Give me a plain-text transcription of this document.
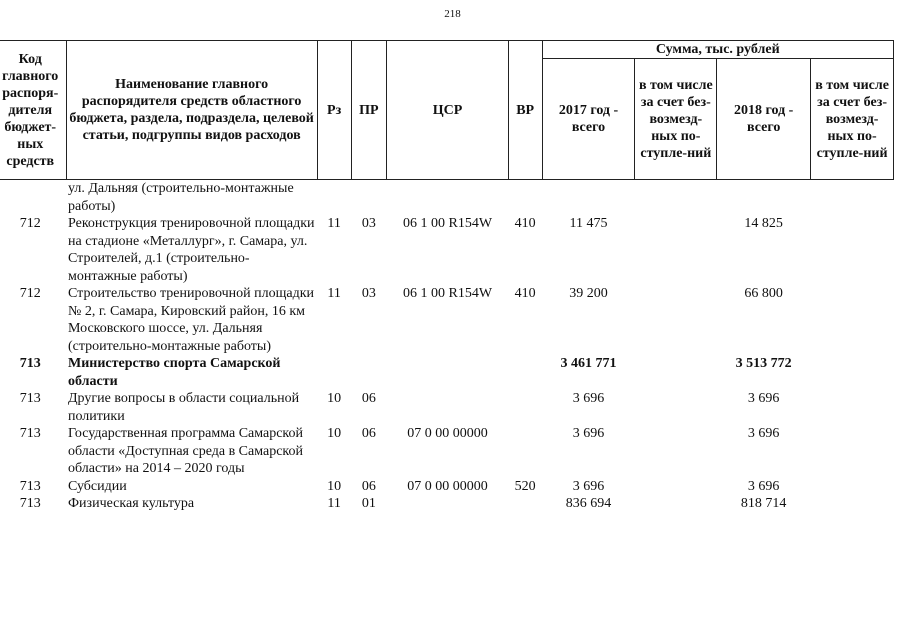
218
Код главного распоря-дителя бюджет-ных средств	Наименование главного распорядителя средств областного бюджета, раздела, подраздела, целевой статьи, подгруппы видов расходов	Рз	ПР	ЦСР	ВР	Сумма, тыс. рублей			
						2017 год - всего	в том числе за счет без-возмезд-ных по-ступле-ний	2018 год - всего	в том числе за счет без-возмезд-ных по-ступле-ний
	ул. Дальняя (строительно-монтажные работы)								
712	Реконструкция тренировочной площадки на стадионе «Металлург», г. Самара, ул. Строителей, д.1 (строительно-монтажные работы)	11	03	06 1 00 R154W	410	11 475		14 825	
712	Строительство тренировочной площадки № 2, г. Самара, Кировский район, 16 км Московского шоссе, ул. Дальняя (строительно-монтажные работы)	11	03	06 1 00 R154W	410	39 200		66 800	
713	Министерство спорта Самарской области					3 461 771		3 513 772	
713	Другие вопросы в области социальной политики	10	06			3 696		3 696	
713	Государственная программа Самарской области «Доступная среда в Самарской области» на 2014 – 2020 годы	10	06	07 0 00 00000		3 696		3 696	
713	Субсидии	10	06	07 0 00 00000	520	3 696		3 696	
713	Физическая культура	11	01			836 694		818 714	
